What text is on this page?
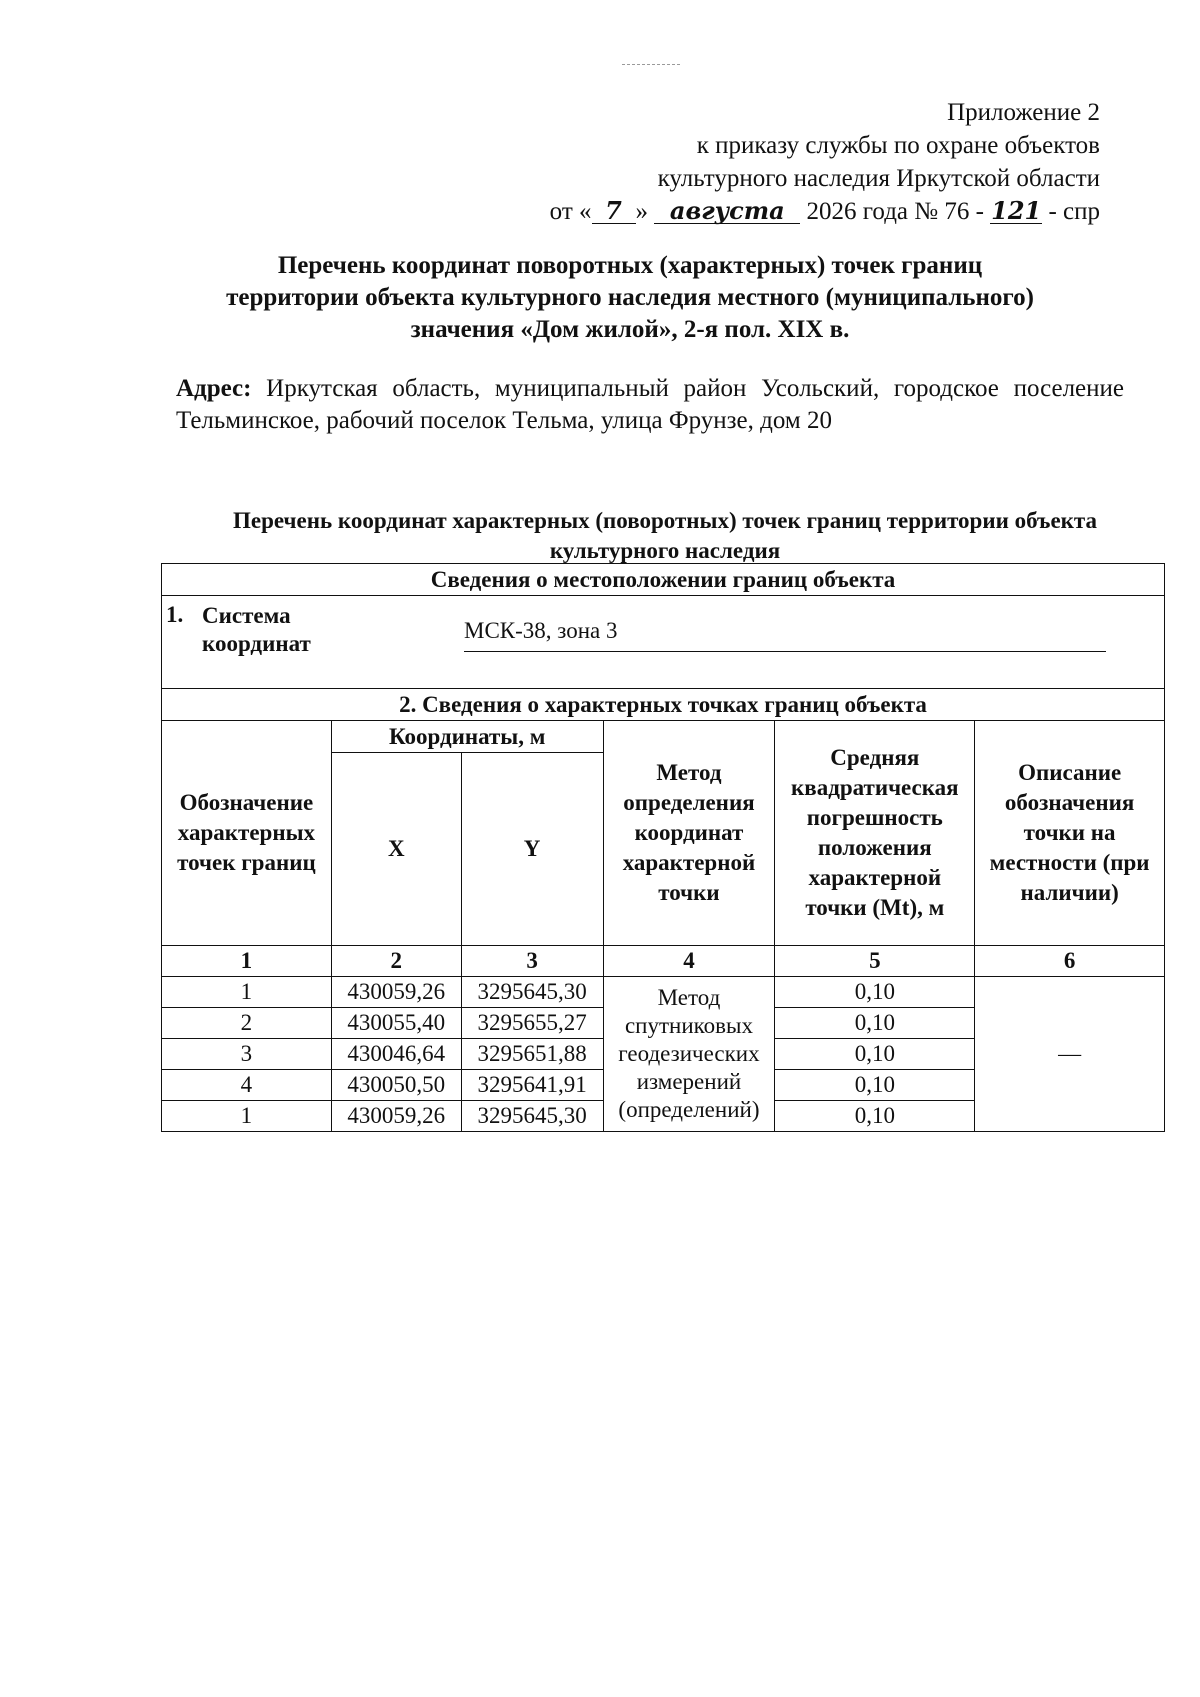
Приложение 2
к приказу службы по охране объектов
культурного наследия Иркутской области
от « 7 » августа 2026 года № 76 - 121 - спр
Перечень координат поворотных (характерных) точек границ
территории объекта культурного наследия местного (муниципального)
значения «Дом жилой», 2-я пол. XIX в.
Адрес: Иркутская область, муниципальный район Усольский, городское поселение Тельминское, рабочий поселок Тельма, улица Фрунзе, дом 20
Перечень координат характерных (поворотных) точек границ территории объекта
культурного наследия
Сведения о местоположении границ объекта					

1. Система
координат
МСК-38, зона 3					

2. Сведения о характерных точках границ объекта					
Обозначение характерных точек границ	Координаты, м		Метод определения координат характерной точки	Средняя квадратическая погрешность положения характерной точки (Mt), м	Описание обозначения точки на местности (при наличии)
	X	Y			
1	2	3	4	5	6
1	430059,26	3295645,30	Метод спутниковых геодезических измерений (определений)	0,10	—
2	430055,40	3295655,27		0,10	
3	430046,64	3295651,88		0,10	
4	430050,50	3295641,91		0,10	
1	430059,26	3295645,30		0,10	
